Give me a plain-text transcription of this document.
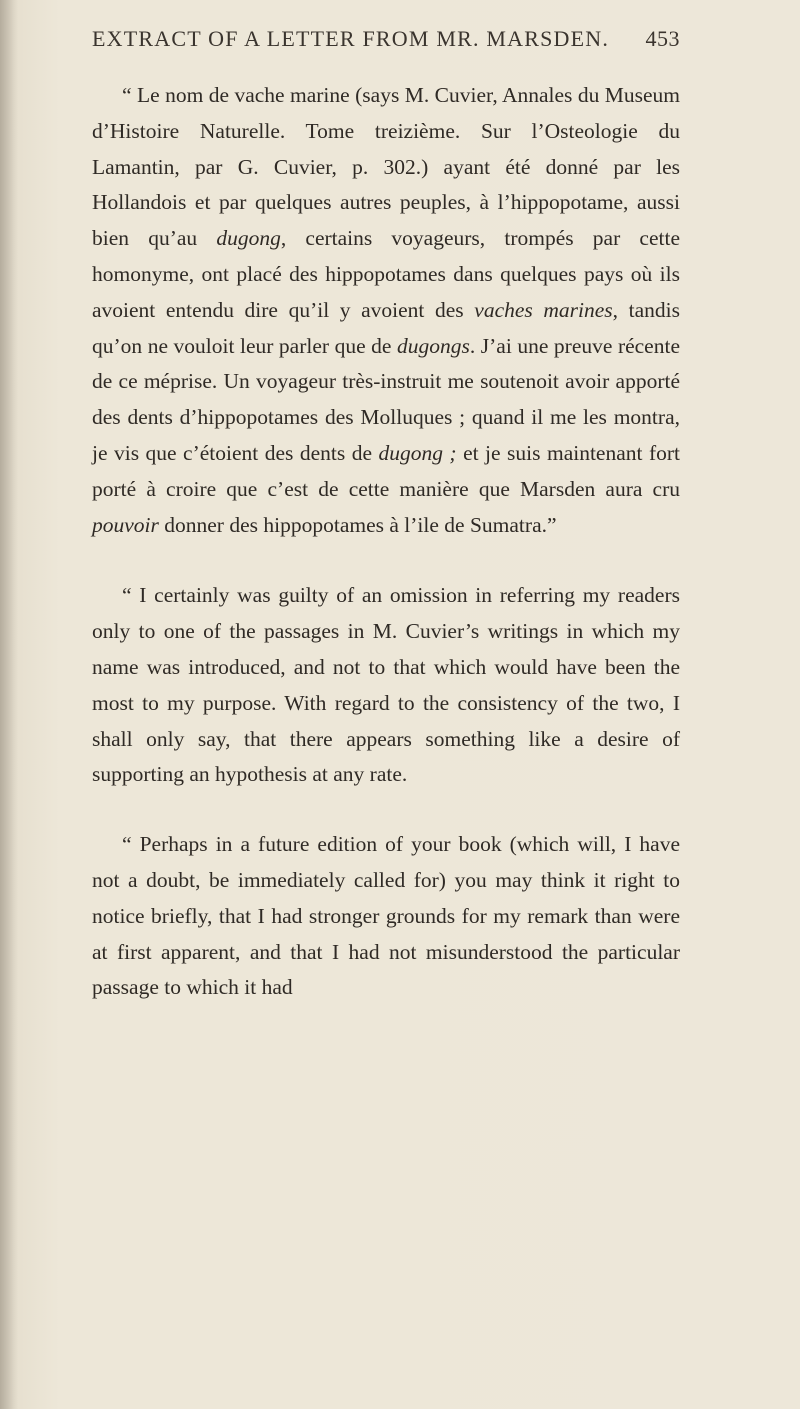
EXTRACT OF A LETTER FROM MR. MARSDEN. 453

“ Le nom de vache marine (says M. Cuvier, Annales du Museum d’Histoire Naturelle. Tome treizième. Sur l’Osteologie du Lamantin, par G. Cuvier, p. 302.) ayant été donné par les Hollandois et par quelques autres peuples, à l’hippopotame, aussi bien qu’au dugong, certains voyageurs, trompés par cette homonyme, ont placé des hippopotames dans quelques pays où ils avoient entendu dire qu’il y avoient des vaches marines, tandis qu’on ne vouloit leur parler que de dugongs. J’ai une preuve récente de ce méprise. Un voyageur très-instruit me soutenoit avoir apporté des dents d’hippopotames des Molluques ; quand il me les montra, je vis que c’étoient des dents de dugong ; et je suis maintenant fort porté à croire que c’est de cette manière que Marsden aura cru pouvoir donner des hippopotames à l’ile de Sumatra.”

“ I certainly was guilty of an omission in referring my readers only to one of the passages in M. Cuvier’s writings in which my name was introduced, and not to that which would have been the most to my purpose. With regard to the consistency of the two, I shall only say, that there appears something like a desire of supporting an hypothesis at any rate.

“ Perhaps in a future edition of your book (which will, I have not a doubt, be immediately called for) you may think it right to notice briefly, that I had stronger grounds for my remark than were at first apparent, and that I had not misunderstood the particular passage to which it had
